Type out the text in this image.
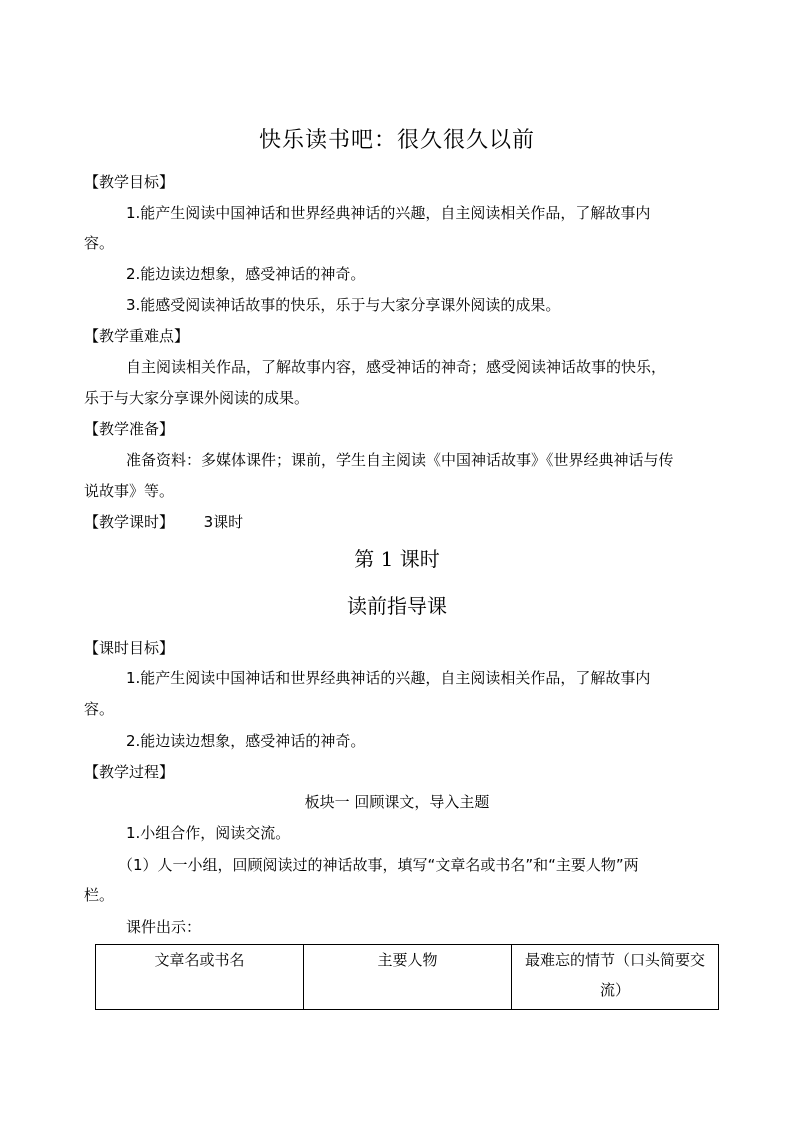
快乐读书吧：很久很久以前
【教学目标】
1.能产生阅读中国神话和世界经典神话的兴趣，自主阅读相关作品，了解故事内
容。
2.能边读边想象，感受神话的神奇。
3.能感受阅读神话故事的快乐，乐于与大家分享课外阅读的成果。
【教学重难点】
自主阅读相关作品，了解故事内容，感受神话的神奇；感受阅读神话故事的快乐，
乐于与大家分享课外阅读的成果。
【教学准备】
准备资料：多媒体课件；课前，学生自主阅读《中国神话故事》《世界经典神话与传
说故事》等。
【教学课时】 3课时
第 1 课时
读前指导课
【课时目标】
1.能产生阅读中国神话和世界经典神话的兴趣，自主阅读相关作品，了解故事内
容。
2.能边读边想象，感受神话的神奇。
【教学过程】
板块一 回顾课文，导入主题
1.小组合作，阅读交流。
（1）人一小组，回顾阅读过的神话故事，填写“文章名或书名”和“主要人物”两
栏。
课件出示：
文章名或书名	主要人物	最难忘的情节（口头简要交流）
